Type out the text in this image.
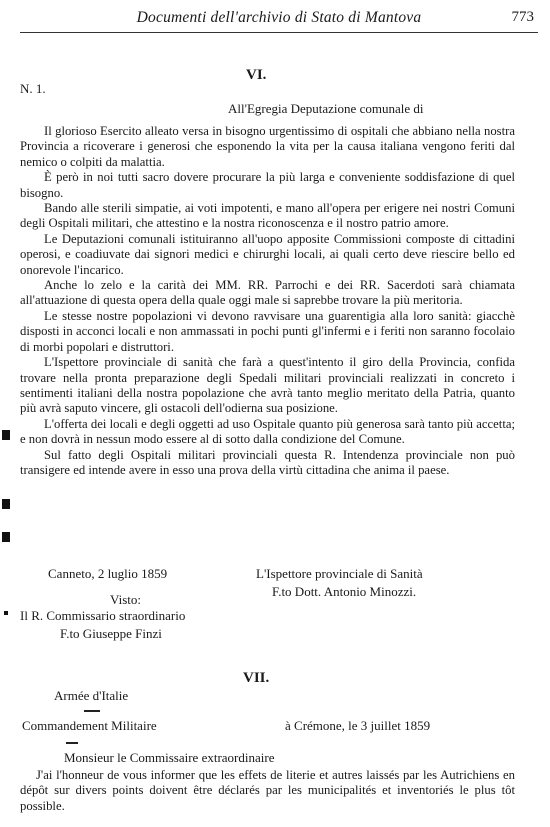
Documenti dell'archivio di Stato di Mantova	773
VI.
N. 1.
All'Egregia Deputazione comunale di

Il glorioso Esercito alleato versa in bisogno urgentissimo di ospitali che abbiano nella nostra Provincia a ricoverare i generosi che esponendo la vita per la causa italiana vengono feriti dal nemico o colpiti da malattia.

È però in noi tutti sacro dovere procurare la più larga e conveniente soddisfazione di quel bisogno.

Bando alle sterili simpatie, ai voti impotenti, e mano all'opera per erigere nei nostri Comuni degli Ospitali militari, che attestino e la nostra riconoscenza e il nostro patrio amore.

Le Deputazioni comunali istituiranno all'uopo apposite Commissioni composte di cittadini operosi, e coadiuvate dai signori medici e chirurghi locali, ai quali certo deve riescire bello ed onorevole l'incarico.

Anche lo zelo e la carità dei MM. RR. Parrochi e dei RR. Sacerdoti sarà chiamata all'attuazione di questa opera della quale oggi male si saprebbe trovare la più meritoria.

Le stesse nostre popolazioni vi devono ravvisare una guarentigia alla loro sanità: giacchè disposti in acconci locali e non ammassati in pochi punti gl'infermi e i feriti non saranno focolaio di morbi popolari e distruttori.

L'Ispettore provinciale di sanità che farà a quest'intento il giro della Provincia, confida trovare nella pronta preparazione degli Spedali militari provinciali realizzati in concreto i sentimenti italiani della nostra popolazione che avrà tanto meglio meritato della Patria, quanto più avrà saputo vincere, gli ostacoli dell'odierna sua posizione.

L'offerta dei locali e degli oggetti ad uso Ospitale quanto più generosa sarà tanto più accetta; e non dovrà in nessun modo essere al di sotto dalla condizione del Comune.

Sul fatto degli Ospitali militari provinciali questa R. Intendenza provinciale non può transigere ed intende avere in esso una prova della virtù cittadina che anima il paese.

Canneto, 2 luglio 1859	L'Ispettore provinciale di Sanità
F.to Dott. Antonio Minozzi.
Visto:
Il R. Commissario straordinario
F.to Giuseppe Finzi
VII.
Armée d'Italie
Commandement Militaire	à Crémone, le 3 juillet 1859
Monsieur le Commissaire extraordinaire

J'ai l'honneur de vous informer que les effets de literie et autres laissés par les Autrichiens en dépôt sur divers points doivent être déclarés par les municipalités et inventoriés le plus tôt possible.
